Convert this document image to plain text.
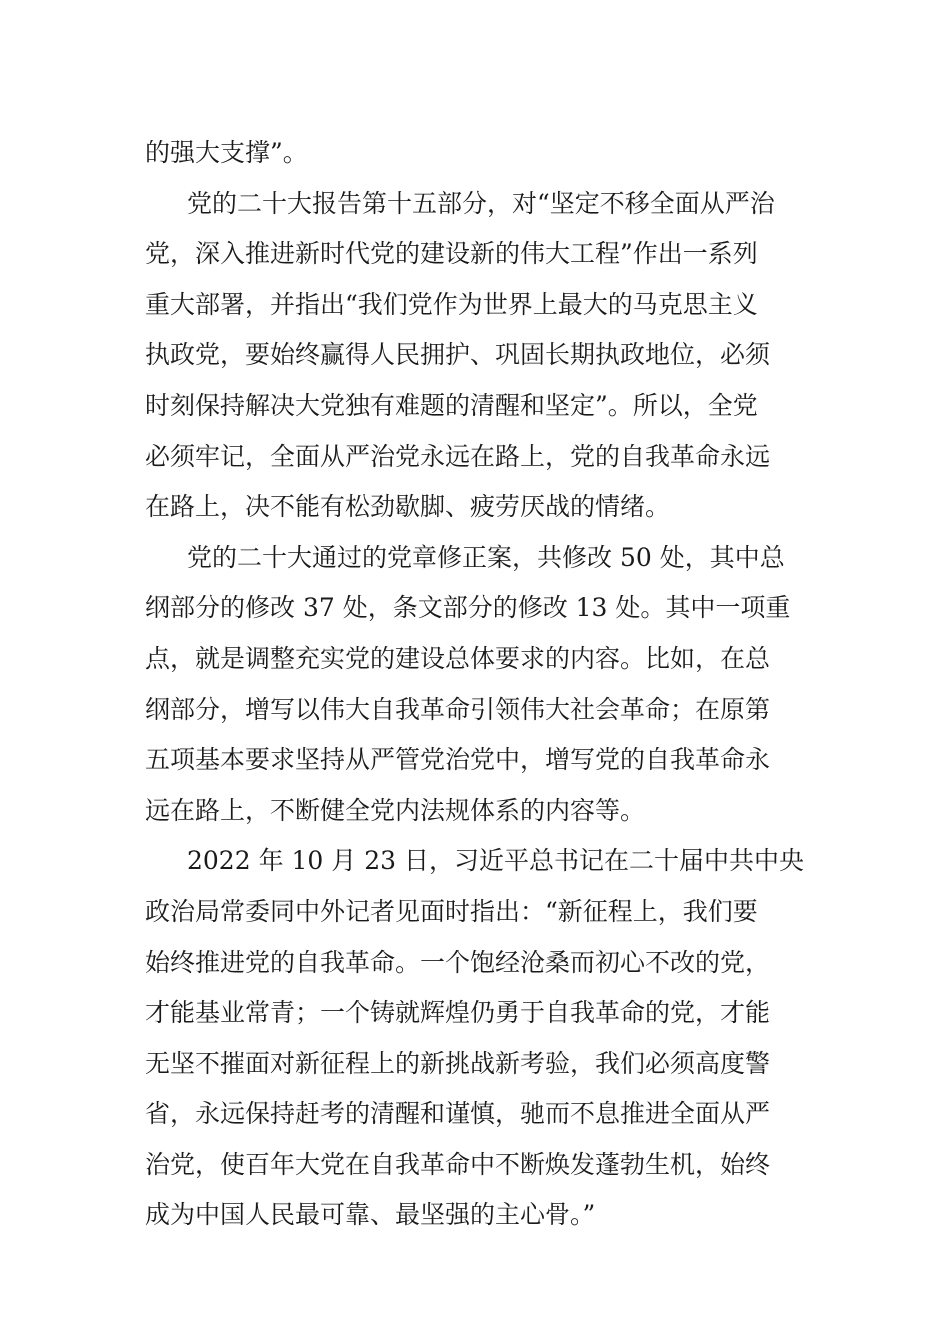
的强大支撑”。
党的二十大报告第十五部分，对“坚定不移全面从严治
党，深入推进新时代党的建设新的伟大工程”作出一系列
重大部署，并指出“我们党作为世界上最大的马克思主义
执政党，要始终赢得人民拥护、巩固长期执政地位，必须
时刻保持解决大党独有难题的清醒和坚定”。所以，全党
必须牢记，全面从严治党永远在路上，党的自我革命永远
在路上，决不能有松劲歇脚、疲劳厌战的情绪。
党的二十大通过的党章修正案，共修改 50 处，其中总
纲部分的修改 37 处，条文部分的修改 13 处。其中一项重
点，就是调整充实党的建设总体要求的内容。比如，在总
纲部分，增写以伟大自我革命引领伟大社会革命；在原第
五项基本要求坚持从严管党治党中，增写党的自我革命永
远在路上，不断健全党内法规体系的内容等。
2022 年 10 月 23 日，习近平总书记在二十届中共中央
政治局常委同中外记者见面时指出：“新征程上，我们要
始终推进党的自我革命。一个饱经沧桑而初心不改的党，
才能基业常青；一个铸就辉煌仍勇于自我革命的党，才能
无坚不摧面对新征程上的新挑战新考验，我们必须高度警
省，永远保持赶考的清醒和谨慎，驰而不息推进全面从严
治党，使百年大党在自我革命中不断焕发蓬勃生机，始终
成为中国人民最可靠、最坚强的主心骨。”
